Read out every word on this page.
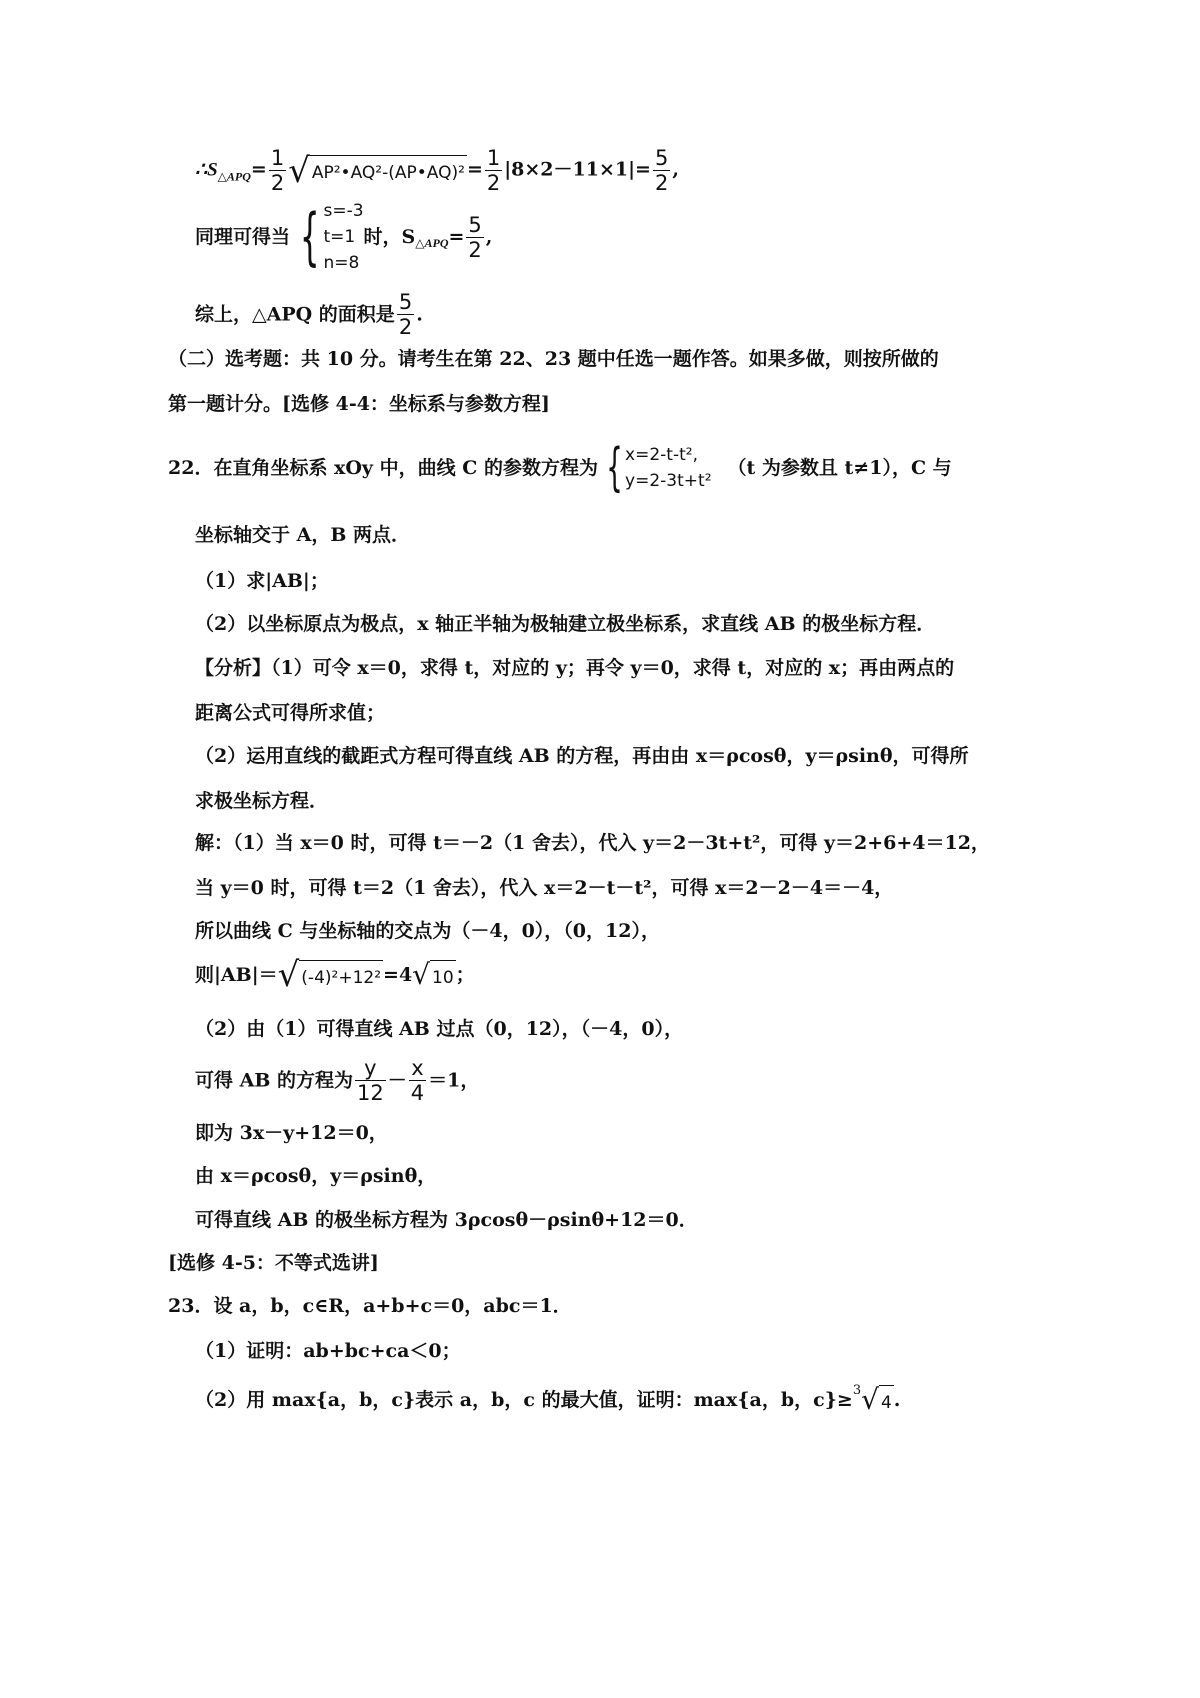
$\therefore S_{\triangle APQ}= \frac{1}{2}$ √ AP²•AQ²-(AP•AQ)² = $\frac{1}{2} |8\times 2-11\times 1|= \frac{5}{2}$ ,
同理可得当 { s=-3
t=1
n=8
时，$S_{\triangle APQ}= \frac{5}{2}$ ,
综上，△APQ 的面积是 $\frac{5}{2}$ .
（二）选考题：共 10 分。请考生在第 22、23 题中任选一题作答。如果多做，则按所做的
第一题计分。[选修 4-4：坐标系与参数方程]
22．在直角坐标系 xOy 中，曲线 C 的参数方程为 { x=2-t-t²,
y=2-3t+t²
（t 为参数且 t≠1），C 与
坐标轴交于 A，B 两点．
（1）求|AB|；
（2）以坐标原点为极点，x 轴正半轴为极轴建立极坐标系，求直线 AB 的极坐标方程．
【分析】（1）可令 x＝0，求得 t，对应的 y；再令 y＝0，求得 t，对应的 x；再由两点的
距离公式可得所求值；
（2）运用直线的截距式方程可得直线 AB 的方程，再由由 x＝ρcosθ，y＝ρsinθ，可得所
求极坐标方程．
解：（1）当 x＝0 时，可得 t＝－2（1 舍去），代入 y＝2－3t+t²，可得 y＝2+6+4＝12，
当 y＝0 时，可得 t＝2（1 舍去），代入 x＝2－t－t²，可得 x＝2－2－4＝－4，
所以曲线 C 与坐标轴的交点为（－4，0），（0，12），
则|AB|＝√ (-4)²+12² =4√ 10 ；
（2）由（1）可得直线 AB 过点（0，12），（－4，0），
可得 AB 的方程为 $\frac{y}{12} - \frac{x}{4} =1$，
即为 3x－y+12＝0，
由 x＝ρcosθ，y＝ρsinθ，
可得直线 AB 的极坐标方程为 3ρcosθ－ρsinθ+12＝0．
[选修 4-5：不等式选讲]
23．设 a，b，c∈R，a+b+c＝0，abc＝1．
（1）证明：ab+bc+ca＜0；
（2）用 max{a，b，c}表示 a，b，c 的最大值，证明：max{a，b，c}≥$^3$√ 4 .
